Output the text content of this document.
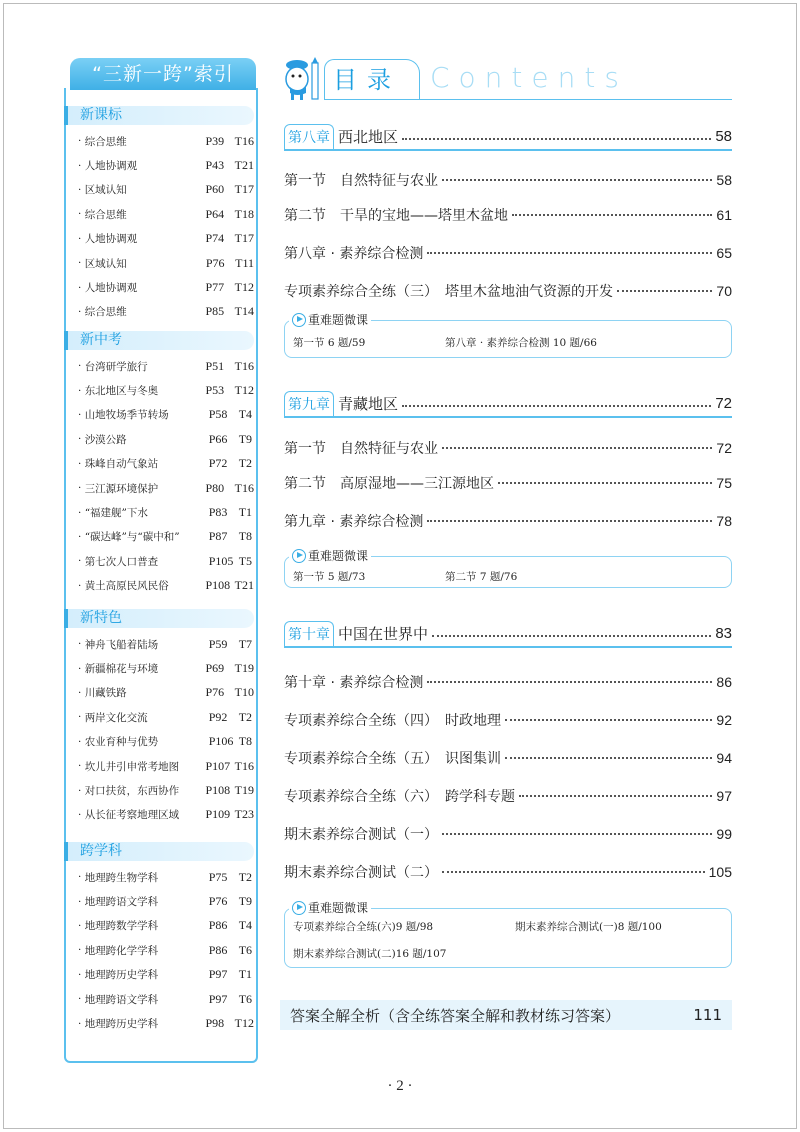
“三新一跨”索引
新课标
· 综合思维	P39 T16
· 人地协调观	P43 T21
· 区域认知	P60 T17
· 综合思维	P64 T18
· 人地协调观	P74 T17
· 区域认知	P76 T11
· 人地协调观	P77 T12
· 综合思维	P85 T14
新中考
· 台湾研学旅行	P51 T16
· 东北地区与冬奥	P53 T12
· 山地牧场季节转场	P58 T4
· 沙漠公路	P66 T9
· 珠峰自动气象站	P72 T2
· 三江源环境保护	P80 T16
· “福建舰”下水	P83 T1
· “碳达峰”与“碳中和”	P87 T8
· 第七次人口普查	P105 T5
· 黄土高原民风民俗	P108 T21
新特色
· 神舟飞船着陆场	P59 T7
· 新疆棉花与环境	P69 T19
· 川藏铁路	P76 T10
· 两岸文化交流	P92 T2
· 农业育种与优势	P106 T8
· 坎儿井引申常考地图	P107 T16
· 对口扶贫，东西协作	P108 T19
· 从长征考察地理区域	P109 T23
跨学科
· 地理跨生物学科	P75 T2
· 地理跨语文学科	P76 T9
· 地理跨数学学科	P86 T4
· 地理跨化学学科	P86 T6
· 地理跨历史学科	P97 T1
· 地理跨语文学科	P97 T6
· 地理跨历史学科	P98 T12
目录	Contents
第八章 西北地区	58
第一节　自然特征与农业	58
第二节　干旱的宝地——塔里木盆地	61
第八章 · 素养综合检测	65
专项素养综合全练（三）　塔里木盆地油气资源的开发	70
重难题微课
第一节 6 题/59	第八章 · 素养综合检测 10 题/66
第九章 青藏地区	72
第一节　自然特征与农业	72
第二节　高原湿地——三江源地区	75
第九章 · 素养综合检测	78
重难题微课
第一节 5 题/73	第二节 7 题/76
第十章 中国在世界中	83
第十章 · 素养综合检测	86
专项素养综合全练（四）　时政地理	92
专项素养综合全练（五）　识图集训	94
专项素养综合全练（六）　跨学科专题	97
期末素养综合测试（一）	99
期末素养综合测试（二）	105
重难题微课
专项素养综合全练(六)9 题/98	期末素养综合测试(一)8 题/100
期末素养综合测试(二)16 题/107
答案全解全析（含全练答案全解和教材练习答案）	111
· 2 ·
